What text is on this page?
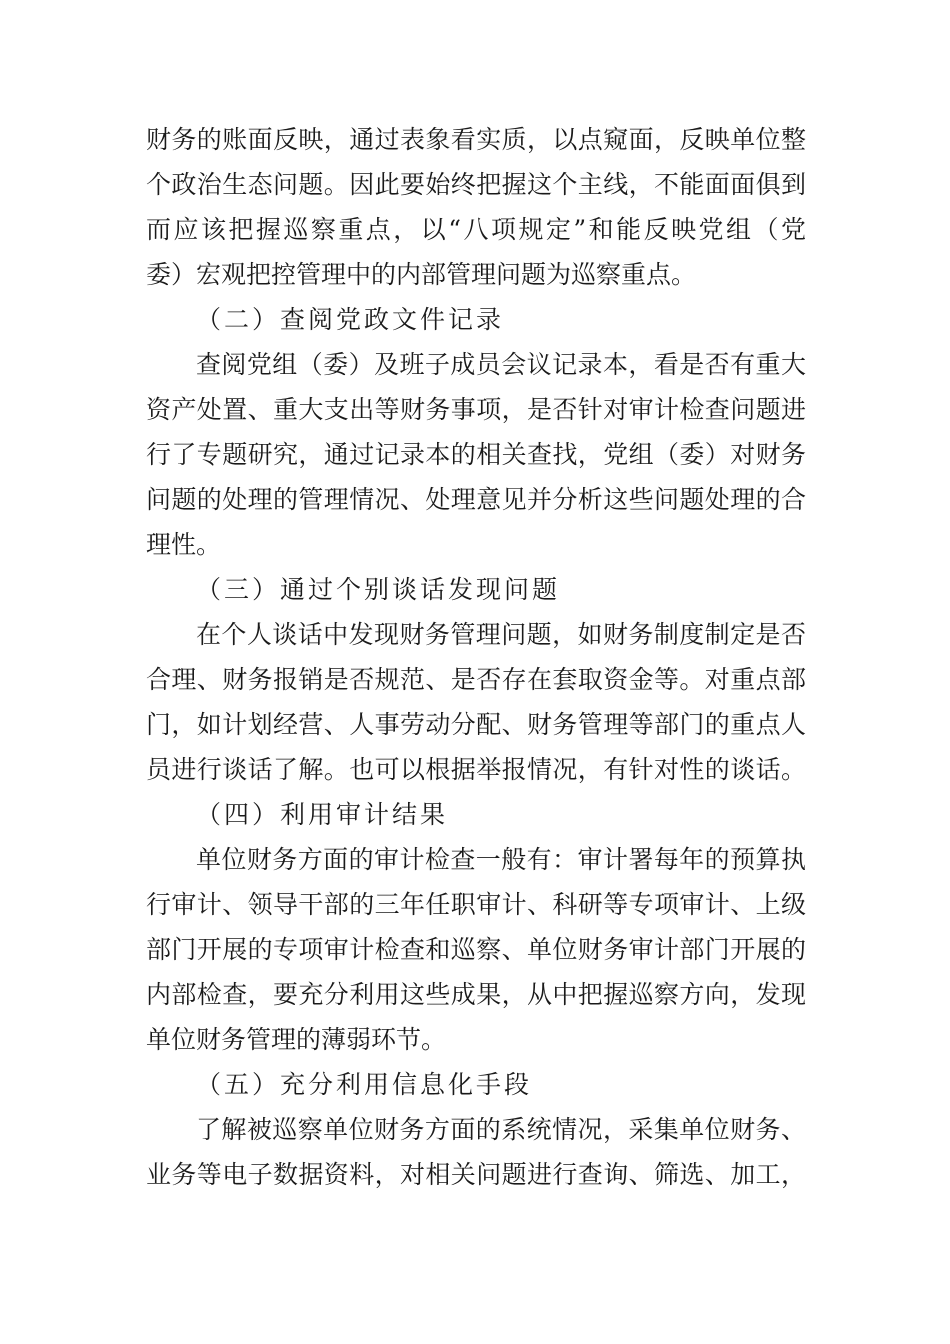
财务的账面反映，通过表象看实质，以点窥面，反映单位整
个政治生态问题。因此要始终把握这个主线，不能面面俱到
而应该把握巡察重点，以“八项规定”和能反映党组（党
委）宏观把控管理中的内部管理问题为巡察重点。
（二）查阅党政文件记录
查阅党组（委）及班子成员会议记录本，看是否有重大
资产处置、重大支出等财务事项，是否针对审计检查问题进
行了专题研究，通过记录本的相关查找，党组（委）对财务
问题的处理的管理情况、处理意见并分析这些问题处理的合
理性。
（三）通过个别谈话发现问题
在个人谈话中发现财务管理问题，如财务制度制定是否
合理、财务报销是否规范、是否存在套取资金等。对重点部
门，如计划经营、人事劳动分配、财务管理等部门的重点人
员进行谈话了解。也可以根据举报情况，有针对性的谈话。
（四）利用审计结果
单位财务方面的审计检查一般有：审计署每年的预算执
行审计、领导干部的三年任职审计、科研等专项审计、上级
部门开展的专项审计检查和巡察、单位财务审计部门开展的
内部检查，要充分利用这些成果，从中把握巡察方向，发现
单位财务管理的薄弱环节。
（五）充分利用信息化手段
了解被巡察单位财务方面的系统情况，采集单位财务、
业务等电子数据资料，对相关问题进行查询、筛选、加工，
